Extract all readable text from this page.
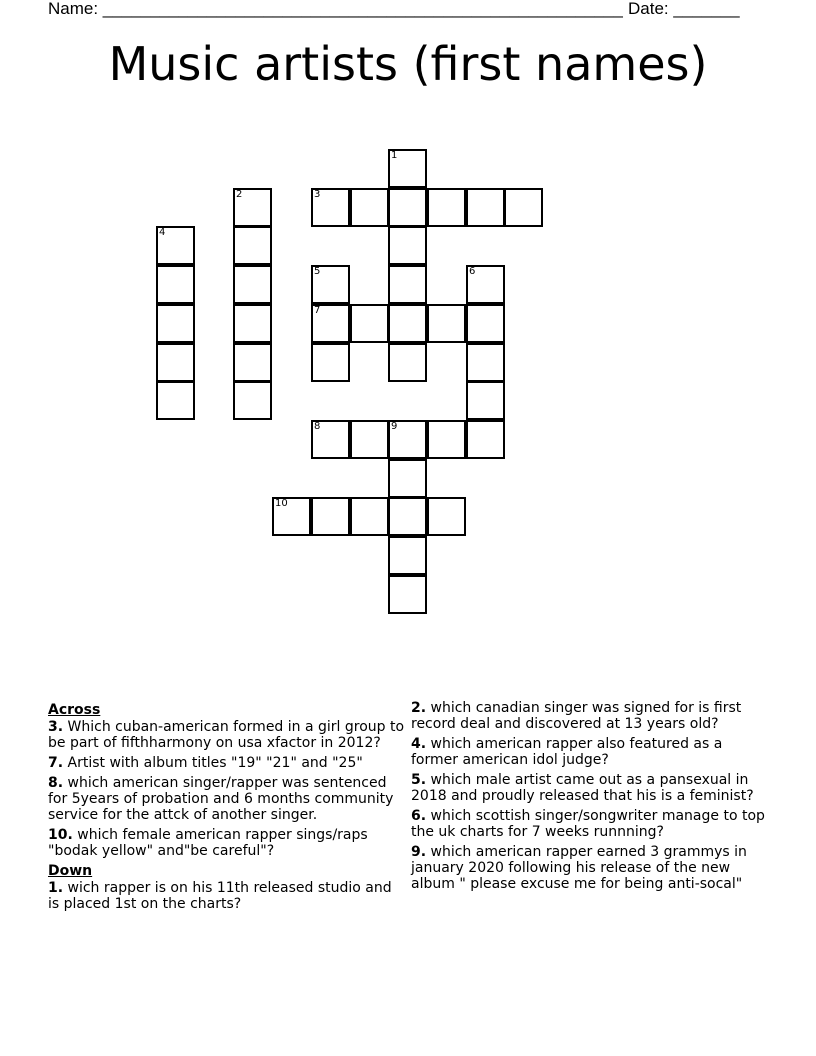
Name: _______________________________________________________ Date: _______
Music artists (first names)
1
3
2
4
5
7
6
8	9
10
Across
3. Which cuban-american formed in a girl group to be part of fifthharmony on usa xfactor in 2012?
7. Artist with album titles "19" "21" and "25"
8. which american singer/rapper was sentenced for 5years of probation and 6 months community service for the attck of another singer.
10. which female american rapper sings/raps "bodak yellow" and"be careful"?
Down
1. wich rapper is on his 11th released studio and is placed 1st on the charts?
2. which canadian singer was signed for is first record deal and discovered at 13 years old?
4. which american rapper also featured as a former american idol judge?
5. which male artist came out as a pansexual in 2018 and proudly released that his is a feminist?
6. which scottish singer/songwriter manage to top the uk charts for 7 weeks runnning?
9. which american rapper earned 3 grammys in january 2020 following his release of the new album " please excuse me for being anti-socal"
